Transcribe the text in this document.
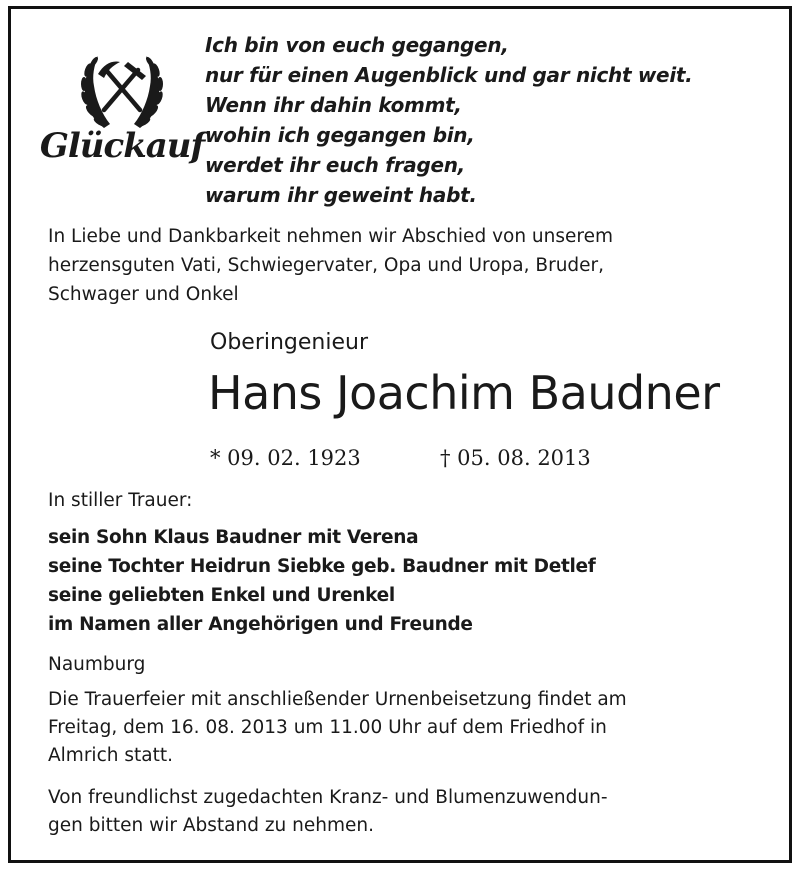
Glückauf
Ich bin von euch gegangen,
nur für einen Augenblick und gar nicht weit.
Wenn ihr dahin kommt,
wohin ich gegangen bin,
werdet ihr euch fragen,
warum ihr geweint habt.
In Liebe und Dankbarkeit nehmen wir Abschied von unserem
herzensguten Vati, Schwiegervater, Opa und Uropa, Bruder,
Schwager und Onkel
Oberingenieur
Hans Joachim Baudner
* 09. 02. 1923	† 05. 08. 2013
In stiller Trauer:
sein Sohn Klaus Baudner mit Verena
seine Tochter Heidrun Siebke geb. Baudner mit Detlef
seine geliebten Enkel und Urenkel
im Namen aller Angehörigen und Freunde
Naumburg
Die Trauerfeier mit anschließender Urnenbeisetzung findet am
Freitag, dem 16. 08. 2013 um 11.00 Uhr auf dem Friedhof in
Almrich statt.
Von freundlichst zugedachten Kranz- und Blumenzuwendun-
gen bitten wir Abstand zu nehmen.
